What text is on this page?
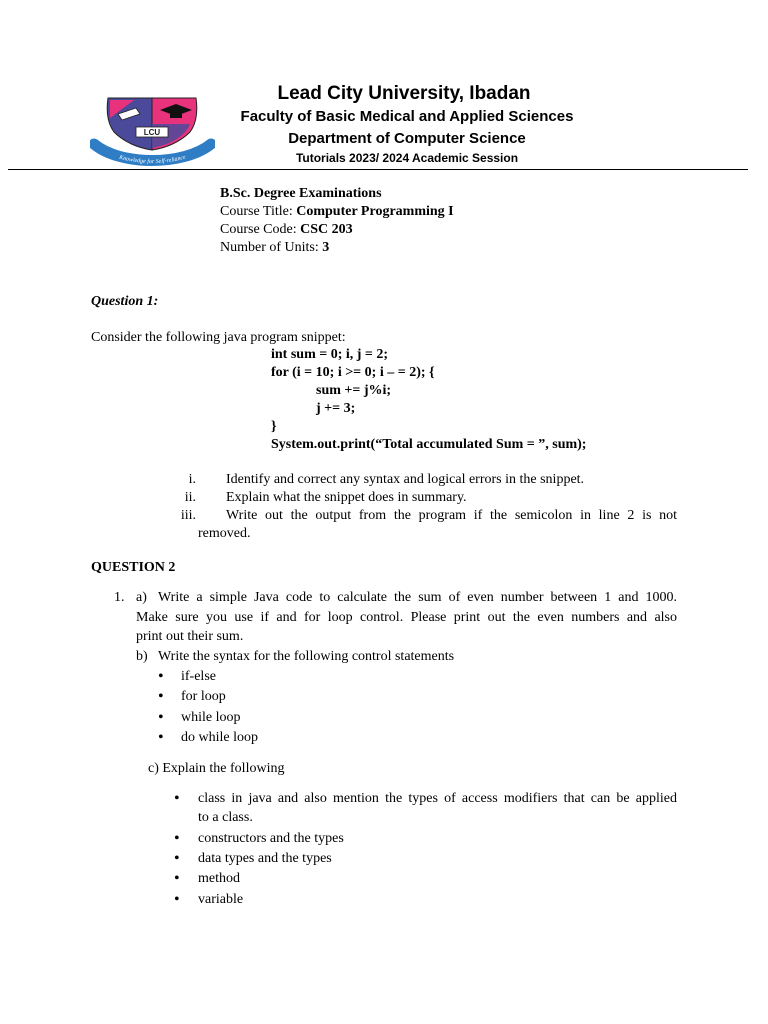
LCU
Knowledge for Self-reliance
Lead City University, Ibadan
Faculty of Basic Medical and Applied Sciences
Department of Computer Science
Tutorials 2023/ 2024 Academic Session
B.Sc. Degree Examinations
Course Title: Computer Programming I
Course Code: CSC 203
Number of Units: 3
Question 1:
Consider the following java program snippet:
int sum = 0; i, j = 2;
for (i = 10; i >= 0; i – = 2); {
sum += j%i;
j += 3;
}
System.out.print(“Total accumulated Sum = ”, sum);
i. Identify and correct any syntax and logical errors in the snippet.
ii. Explain what the snippet does in summary.
iii. Write out the output from the program if the semicolon in line 2 is not
removed.
QUESTION 2
1. a) Write a simple Java code to calculate the sum of even number between 1 and 1000.
Make sure you use if and for loop control. Please print out the even numbers and also
print out their sum.
b) Write the syntax for the following control statements
• if-else
• for loop
• while loop
• do while loop
c) Explain the following
• class in java and also mention the types of access modifiers that can be applied
to a class.
• constructors and the types
• data types and the types
• method
• variable
